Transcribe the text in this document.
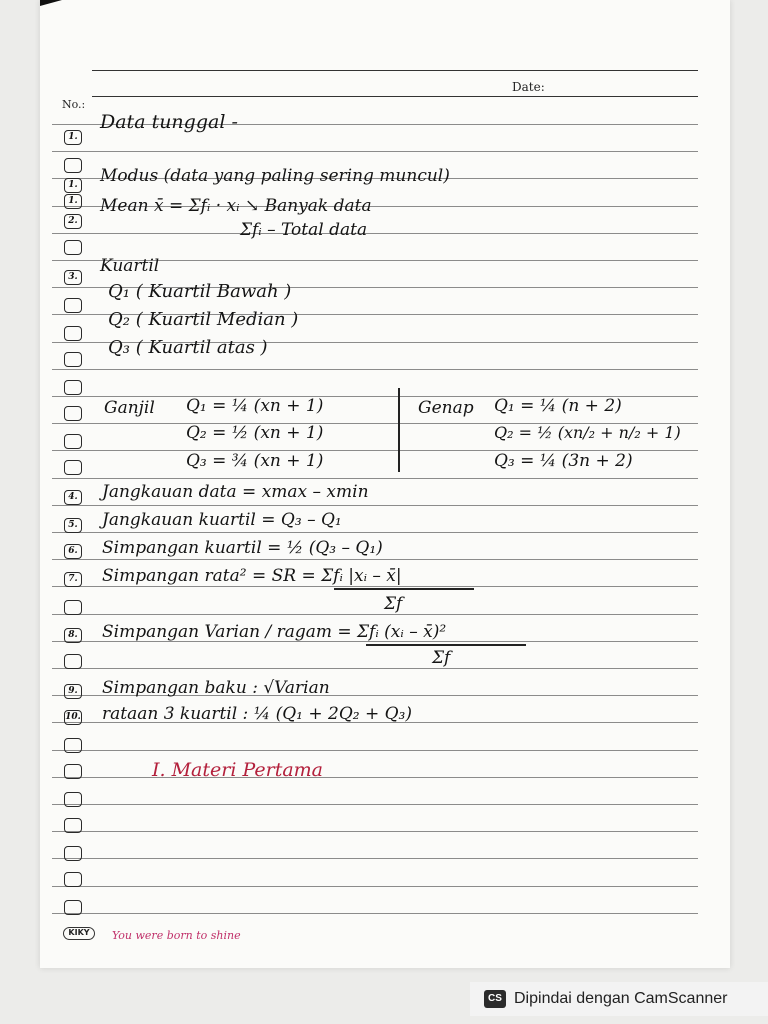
Date:
No.:
1.
1.
1.
2.
3.
4.
5.
6.
7.
8.
9.
10.
Data tunggal -
Modus (data yang paling sering muncul)
Mean x̄ = Σfᵢ · xᵢ ↘ Banyak data
Σfᵢ – Total data
Kuartil
Q₁ ( Kuartil Bawah )
Q₂ ( Kuartil Median )
Q₃ ( Kuartil atas )
Ganjil Q₁ = ¼ (xn + 1)
Q₂ = ½ (xn + 1)
Q₃ = ¾ (xn + 1)
Genap Q₁ = ¼ (n + 2)
Q₂ = ½ (xn/₂ + n/₂ + 1)
Q₃ = ¼ (3n + 2)
Jangkauan data = xmax – xmin
Jangkauan kuartil = Q₃ – Q₁
Simpangan kuartil = ½ (Q₃ – Q₁)
Simpangan rata² = SR = Σfᵢ |xᵢ – x̄|
Σf
Simpangan Varian / ragam = Σfᵢ (xᵢ – x̄)²
Σf
Simpangan baku : √Varian
rataan 3 kuartil : ¼ (Q₁ + 2Q₂ + Q₃)
I. Materi Pertama
KIKY	You were born to shine
CS Dipindai dengan CamScanner
